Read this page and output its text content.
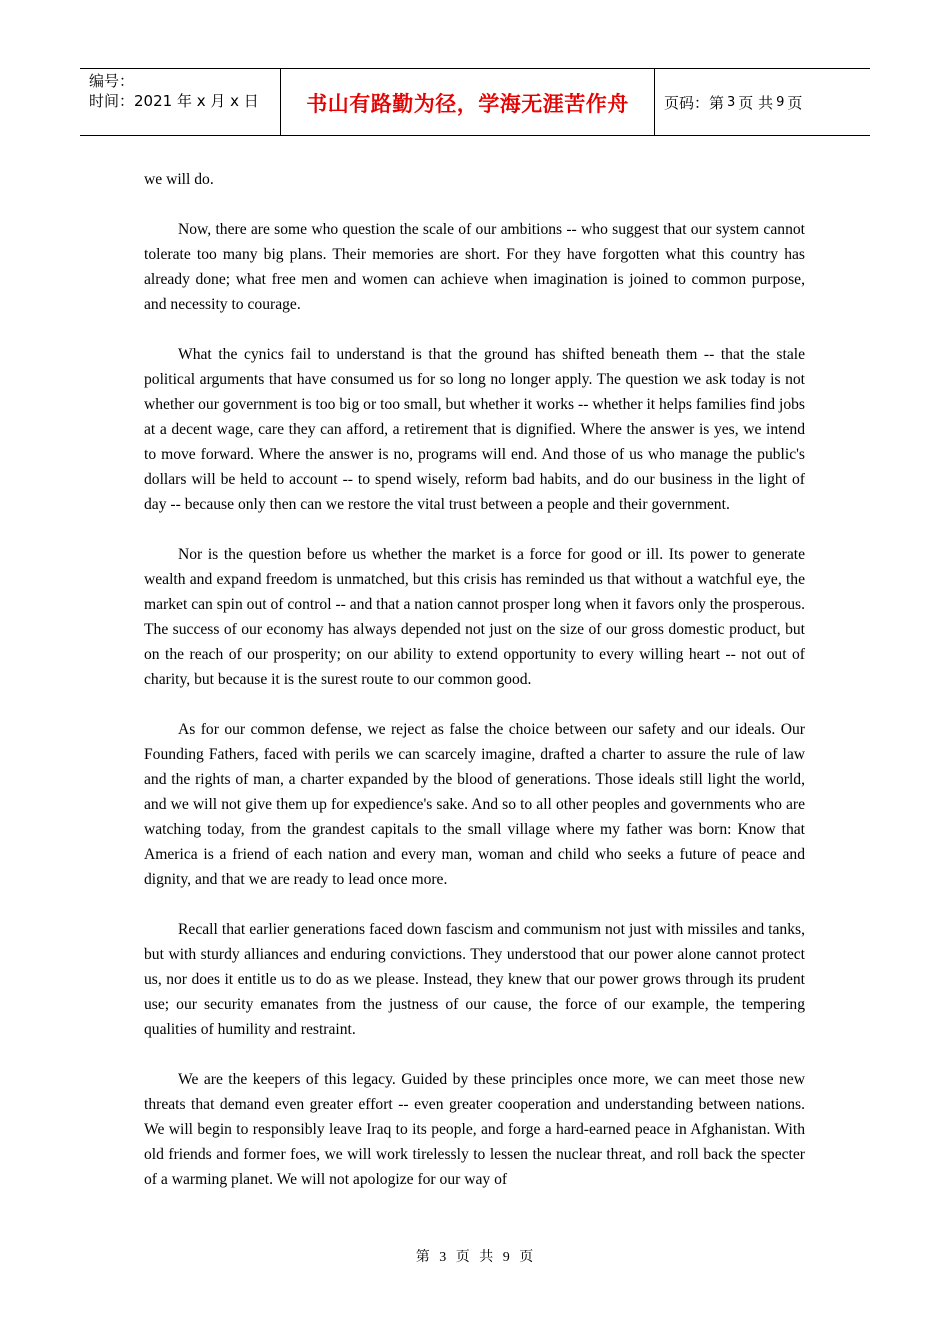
编号：
时间：2021 年 x 月 x 日	书山有路勤为径，学海无涯苦作舟 页码：第 3 页 共 9 页

we will do.

Now, there are some who question the scale of our ambitions -- who suggest that our system cannot tolerate too many big plans. Their memories are short. For they have forgotten what this country has already done; what free men and women can achieve when imagination is joined to common purpose, and necessity to courage.

What the cynics fail to understand is that the ground has shifted beneath them -- that the stale political arguments that have consumed us for so long no longer apply. The question we ask today is not whether our government is too big or too small, but whether it works -- whether it helps families find jobs at a decent wage, care they can afford, a retirement that is dignified. Where the answer is yes, we intend to move forward. Where the answer is no, programs will end. And those of us who manage the public's dollars will be held to account -- to spend wisely, reform bad habits, and do our business in the light of day -- because only then can we restore the vital trust between a people and their government.

Nor is the question before us whether the market is a force for good or ill. Its power to generate wealth and expand freedom is unmatched, but this crisis has reminded us that without a watchful eye, the market can spin out of control -- and that a nation cannot prosper long when it favors only the prosperous. The success of our economy has always depended not just on the size of our gross domestic product, but on the reach of our prosperity; on our ability to extend opportunity to every willing heart -- not out of charity, but because it is the surest route to our common good.

As for our common defense, we reject as false the choice between our safety and our ideals. Our Founding Fathers, faced with perils we can scarcely imagine, drafted a charter to assure the rule of law and the rights of man, a charter expanded by the blood of generations. Those ideals still light the world, and we will not give them up for expedience's sake. And so to all other peoples and governments who are watching today, from the grandest capitals to the small village where my father was born: Know that America is a friend of each nation and every man, woman and child who seeks a future of peace and dignity, and that we are ready to lead once more.

Recall that earlier generations faced down fascism and communism not just with missiles and tanks, but with sturdy alliances and enduring convictions. They understood that our power alone cannot protect us, nor does it entitle us to do as we please. Instead, they knew that our power grows through its prudent use; our security emanates from the justness of our cause, the force of our example, the tempering qualities of humility and restraint.

We are the keepers of this legacy. Guided by these principles once more, we can meet those new threats that demand even greater effort -- even greater cooperation and understanding between nations. We will begin to responsibly leave Iraq to its people, and forge a hard-earned peace in Afghanistan. With old friends and former foes, we will work tirelessly to lessen the nuclear threat, and roll back the specter of a warming planet. We will not apologize for our way of

第 3 页 共 9 页
